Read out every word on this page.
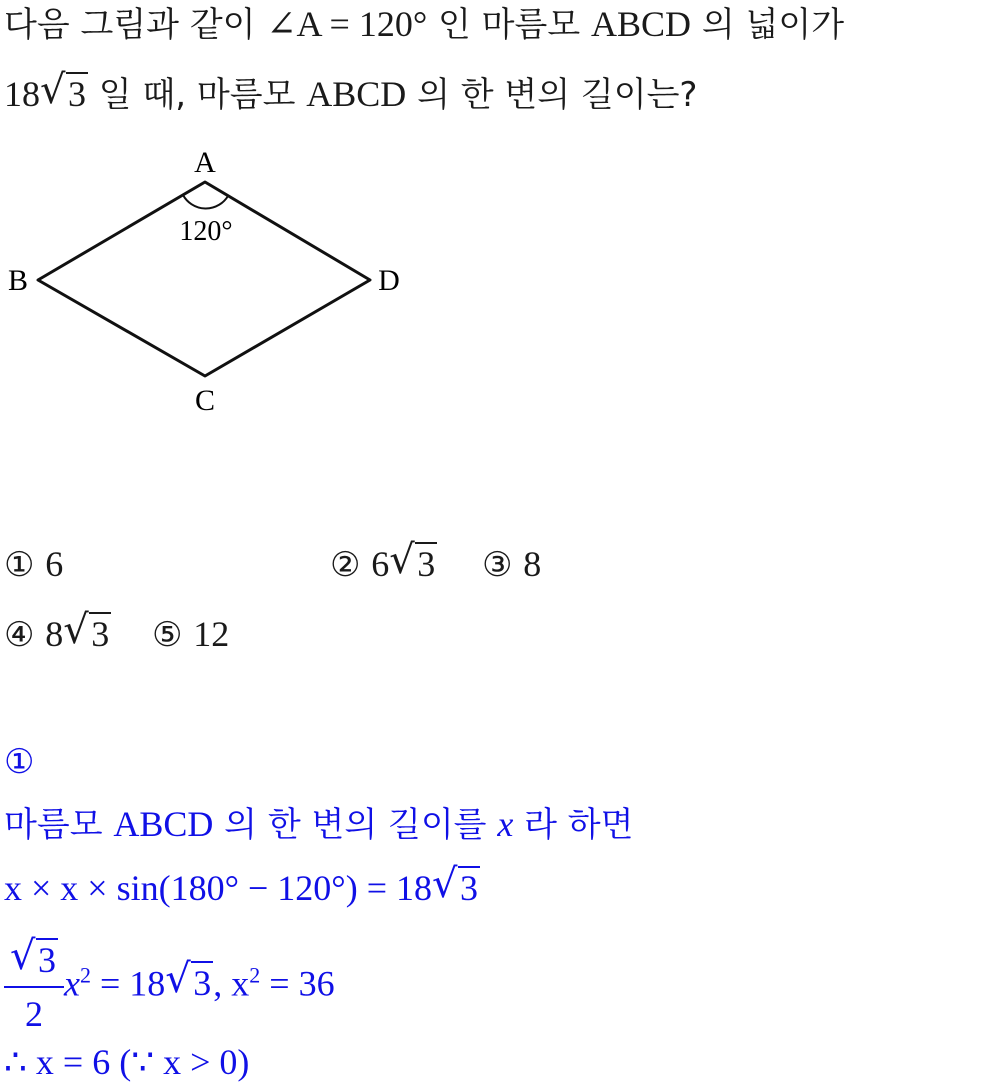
다음 그림과 같이 ∠A = 120° 인 마름모 ABCD 의 넓이가
18 √ 3 일 때, 마름모 ABCD 의 한 변의 길이는?
A
B
C
D
120°
① 6	② 6 √ 3 ③ 8
④ 8 √ 3 ⑤ 12
①
마름모 ABCD 의 한 변의 길이를 x 라 하면
x × x × sin(180° − 120°) = 18 √ 3
$\frac{√ 3}{2} x^2 = 18$ √ 3, $x^2 = 36$
∴ x = 6 (∵ x > 0)
